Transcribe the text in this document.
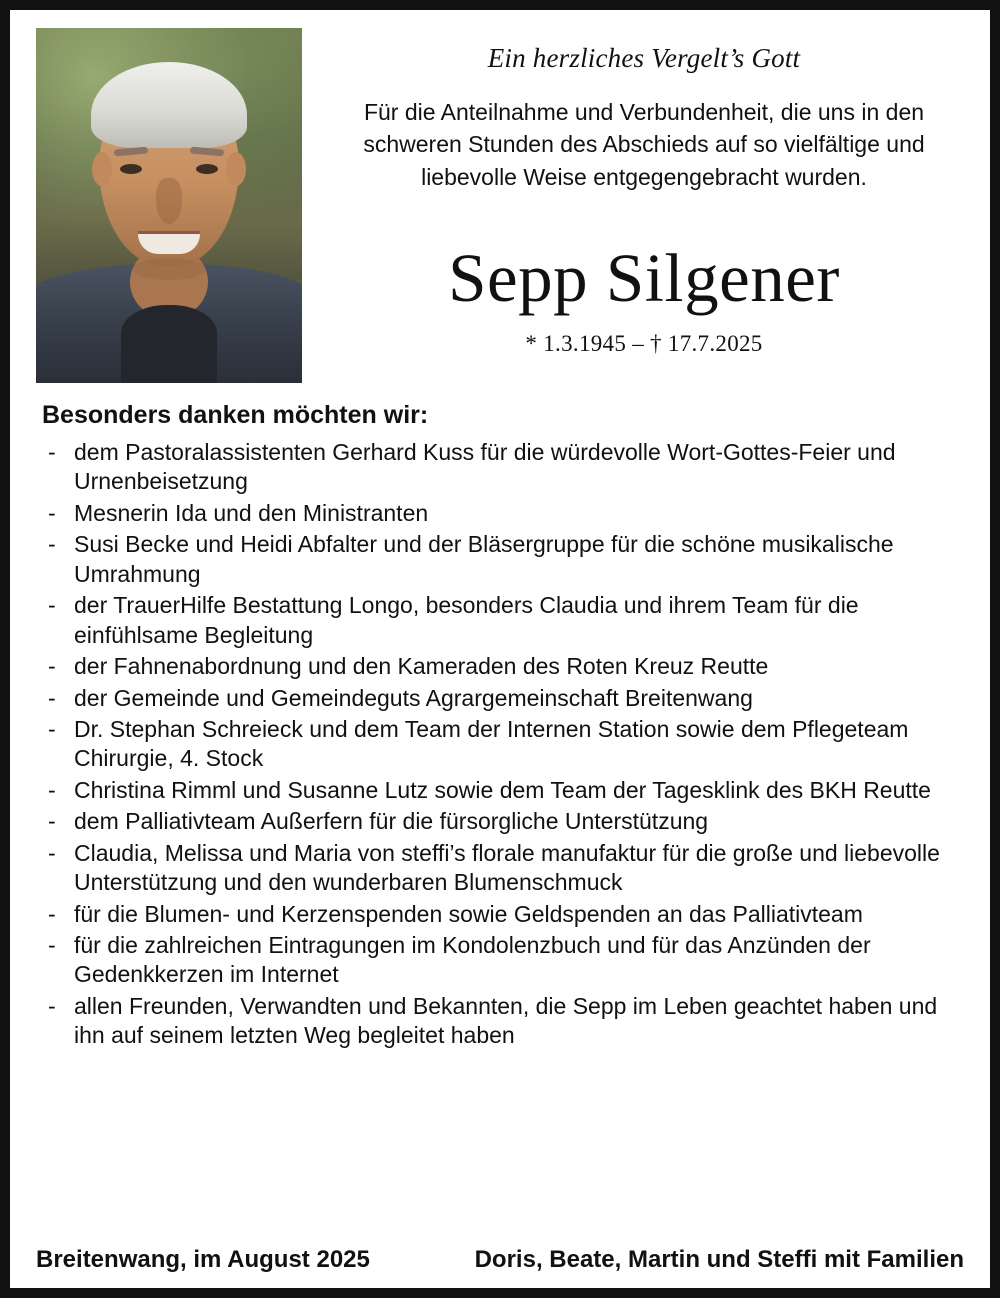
Ein herzliches Vergelt’s Gott
Für die Anteilnahme und Verbundenheit, die uns in den schweren Stunden des Abschieds auf so vielfältige und liebevolle Weise entgegengebracht wurden.
Sepp Silgener
* 1.3.1945 – † 17.7.2025
Besonders danken möchten wir:
- dem Pastoralassistenten Gerhard Kuss für die würdevolle Wort-Gottes-Feier und Urnenbeisetzung
- Mesnerin Ida und den Ministranten
- Susi Becke und Heidi Abfalter und der Bläsergruppe für die schöne musikalische Umrahmung
- der TrauerHilfe Bestattung Longo, besonders Claudia und ihrem Team für die einfühlsame Begleitung
- der Fahnenabordnung und den Kameraden des Roten Kreuz Reutte
- der Gemeinde und Gemeindeguts Agrargemeinschaft Breitenwang
- Dr. Stephan Schreieck und dem Team der Internen Station sowie dem Pflegeteam Chirurgie, 4. Stock
- Christina Rimml und Susanne Lutz sowie dem Team der Tagesklink des BKH Reutte
- dem Palliativteam Außerfern für die fürsorgliche Unterstützung
- Claudia, Melissa und Maria von steffi’s florale manufaktur für die große und liebevolle Unterstützung und den wunderbaren Blumenschmuck
- für die Blumen- und Kerzenspenden sowie Geldspenden an das Palliativteam
- für die zahlreichen Eintragungen im Kondolenzbuch und für das Anzünden der Gedenkkerzen im Internet
- allen Freunden, Verwandten und Bekannten, die Sepp im Leben geachtet haben und ihn auf seinem letzten Weg begleitet haben
Breitenwang, im August 2025	Doris, Beate, Martin und Steffi mit Familien
